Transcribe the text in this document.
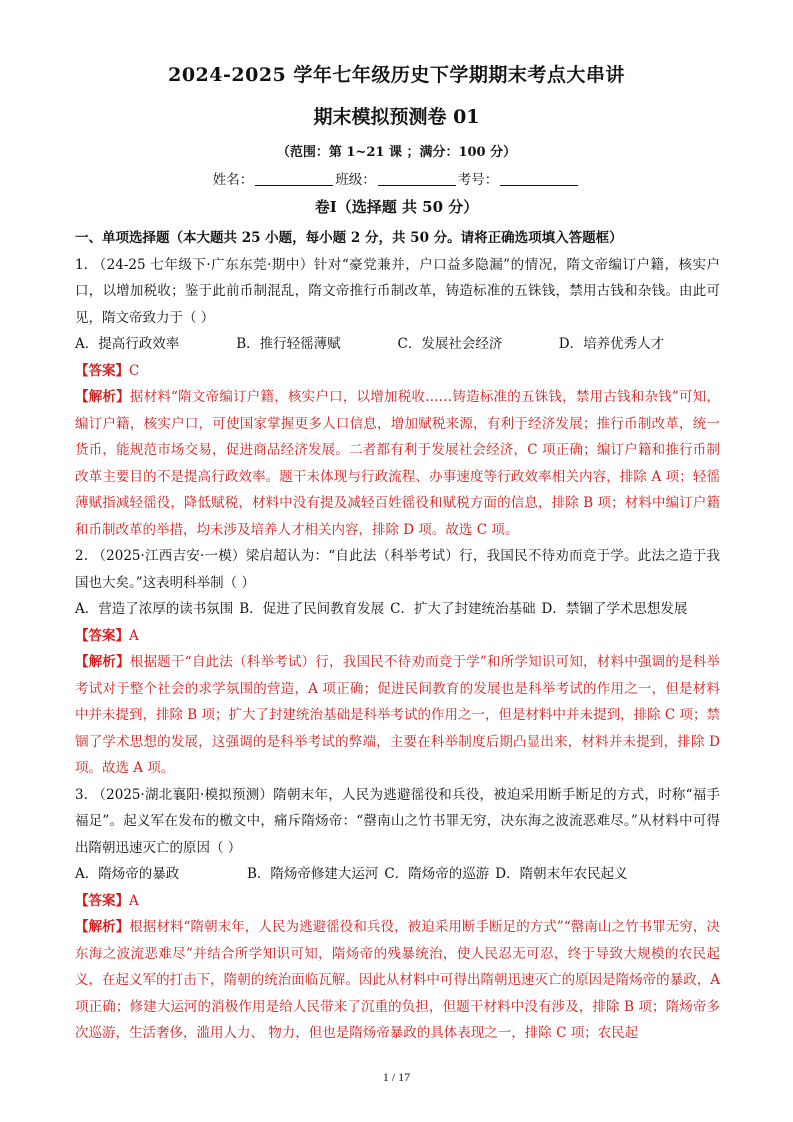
2024-2025 学年七年级历史下学期期末考点大串讲
期末模拟预测卷 01
（范围：第 1~21 课 ；满分：100 分）
姓名：	班级：	考号：
卷I（选择题 共 50 分）

一、单项选择题（本大题共 25 小题，每小题 2 分，共 50 分。请将正确选项填入答题框）

1. （24-25 七年级下·广东东莞·期中）针对“豪党兼并，户口益多隐漏”的情况，隋文帝编订户籍，核实户口，以增加税收；鉴于此前币制混乱，隋文帝推行币制改革，铸造标准的五铢钱，禁用古钱和杂钱。由此可见，隋文帝致力于（ ）

A．提高行政效率	B．推行轻徭薄赋	C．发展社会经济	D．培养优秀人才

【答案】C

【解析】据材料“隋文帝编订户籍，核实户口，以增加税收……铸造标准的五铢钱，禁用古钱和杂钱”可知，编订户籍，核实户口，可使国家掌握更多人口信息，增加赋税来源，有利于经济发展；推行币制改革，统一货币，能规范市场交易，促进商品经济发展。二者都有利于发展社会经济，C 项正确；编订户籍和推行币制改革主要目的不是提高行政效率。题干未体现与行政流程、办事速度等行政效率相关内容，排除 A 项；轻徭薄赋指减轻徭役，降低赋税，材料中没有提及减轻百姓徭役和赋税方面的信息，排除 B 项；材料中编订户籍和币制改革的举措，均未涉及培养人才相关内容，排除 D 项。故选 C 项。

2. （2025·江西吉安·一模）梁启超认为：“自此法（科举考试）行，我国民不待劝而竞于学。此法之造于我国也大矣。”这表明科举制（ ）

A．营造了浓厚的读书氛围 B．促进了民间教育发展 C．扩大了封建统治基础 D．禁锢了学术思想发展

【答案】A

【解析】根据题干“自此法（科举考试）行，我国民不待劝而竞于学”和所学知识可知，材料中强调的是科举考试对于整个社会的求学氛围的营造，A 项正确；促进民间教育的发展也是科举考试的作用之一，但是材料中并未提到，排除 B 项；扩大了封建统治基础是科举考试的作用之一，但是材料中并未提到，排除 C 项；禁锢了学术思想的发展，这强调的是科举考试的弊端，主要在科举制度后期凸显出来，材料并未提到，排除 D 项。故选 A 项。

3. （2025·湖北襄阳·模拟预测）隋朝末年，人民为逃避徭役和兵役，被迫采用断手断足的方式，时称“福手福足”。起义军在发布的檄文中，痛斥隋炀帝：“罄南山之竹书罪无穷，决东海之波流恶难尽。”从材料中可得出隋朝迅速灭亡的原因（ ）

A．隋炀帝的暴政	B．隋炀帝修建大运河 C．隋炀帝的巡游 D．隋朝末年农民起义

【答案】A

【解析】根据材料“隋朝末年，人民为逃避徭役和兵役，被迫采用断手断足的方式”“罄南山之竹书罪无穷，决东海之波流恶难尽”并结合所学知识可知，隋炀帝的残暴统治，使人民忍无可忍，终于导致大规模的农民起义，在起义军的打击下，隋朝的统治面临瓦解。因此从材料中可得出隋朝迅速灭亡的原因是隋炀帝的暴政，A 项正确；修建大运河的消极作用是给人民带来了沉重的负担，但题干材料中没有涉及，排除 B 项；隋炀帝多次巡游，生活奢侈，滥用人力、 物力，但也是隋炀帝暴政的具体表现之一，排除 C 项；农民起

1 / 17
